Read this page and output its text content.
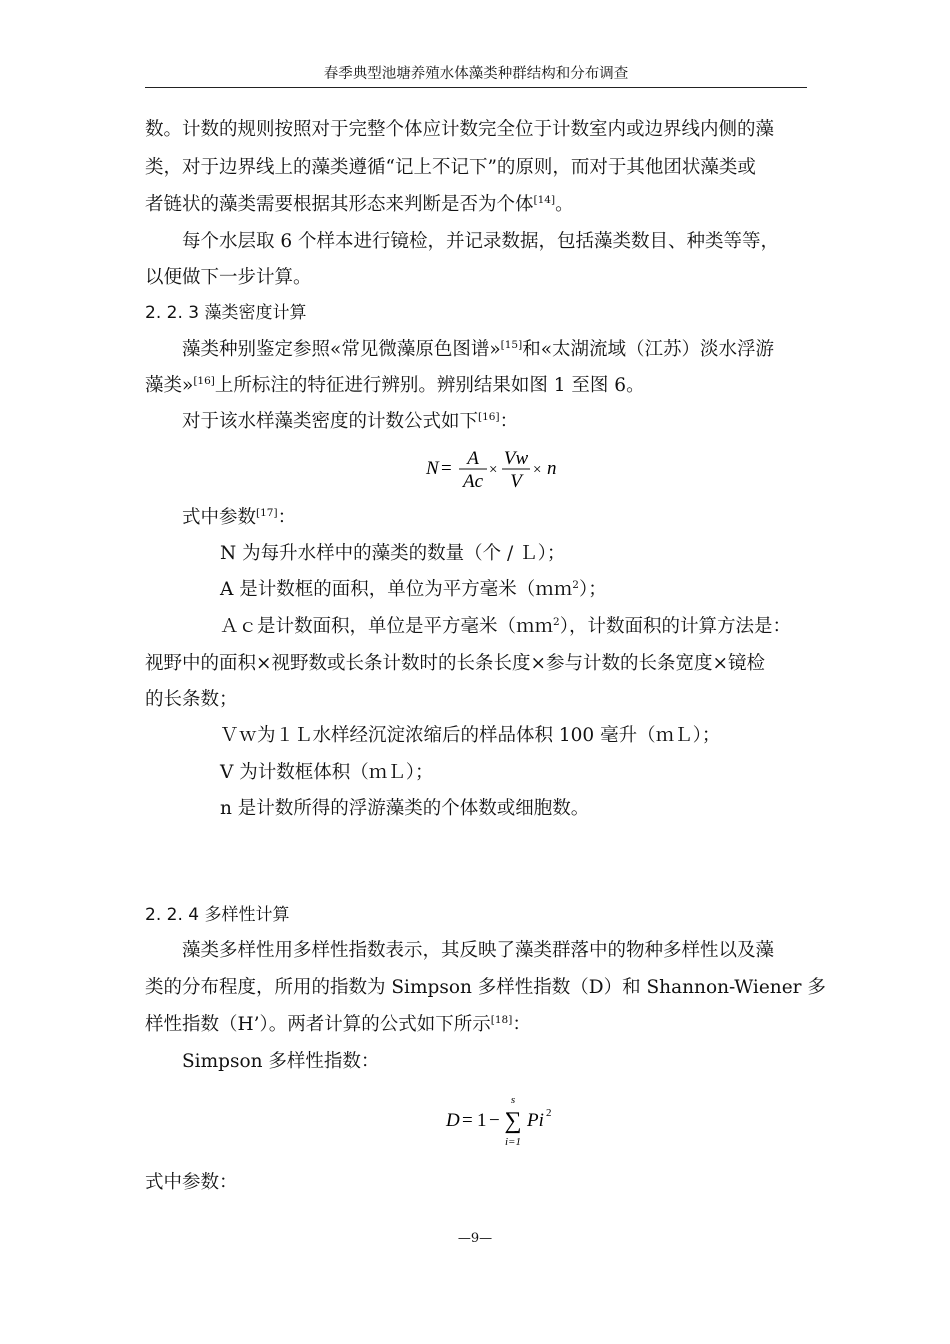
春季典型池塘养殖水体藻类种群结构和分布调查
数。计数的规则按照对于完整个体应计数完全位于计数室内或边界线内侧的藻
类，对于边界线上的藻类遵循“记上不记下”的原则，而对于其他团状藻类或
者链状的藻类需要根据其形态来判断是否为个体[14]。
每个水层取 6 个样本进行镜检，并记录数据，包括藻类数目、种类等等，
以便做下一步计算。
2. 2. 3 藻类密度计算
藻类种别鉴定参照«常见微藻原色图谱»[15]和«太湖流域（江苏）淡水浮游
藻类»[16]上所标注的特征进行辨别。辨别结果如图 1 至图 6。
对于该水样藻类密度的计数公式如下[16]：
N = A
Ac
×
Vw
V
× n
式中参数[17]：
N 为每升水样中的藻类的数量（个 / Ｌ）；
A 是计数框的面积，单位为平方毫米（ｍｍ$^2$）；
Ａｃ是计数面积，单位是平方毫米（ｍｍ$^2$），计数面积的计算方法是：
视野中的面积×视野数或长条计数时的长条长度×参与计数的长条宽度×镜检
的长条数；
Ｖｗ为１Ｌ水样经沉淀浓缩后的样品体积 100 毫升（ｍＬ）；
V 为计数框体积（ｍＬ）；
n 是计数所得的浮游藻类的个体数或细胞数。
2. 2. 4 多样性计算
藻类多样性用多样性指数表示，其反映了藻类群落中的物种多样性以及藻
类的分布程度，所用的指数为 Simpson 多样性指数（D）和 Shannon-Wiener 多
样性指数（H’）。两者计算的公式如下所示[18]：
Simpson 多样性指数：
D = 1 −
s
∑
i=1
Pi 2
式中参数：
—9—
